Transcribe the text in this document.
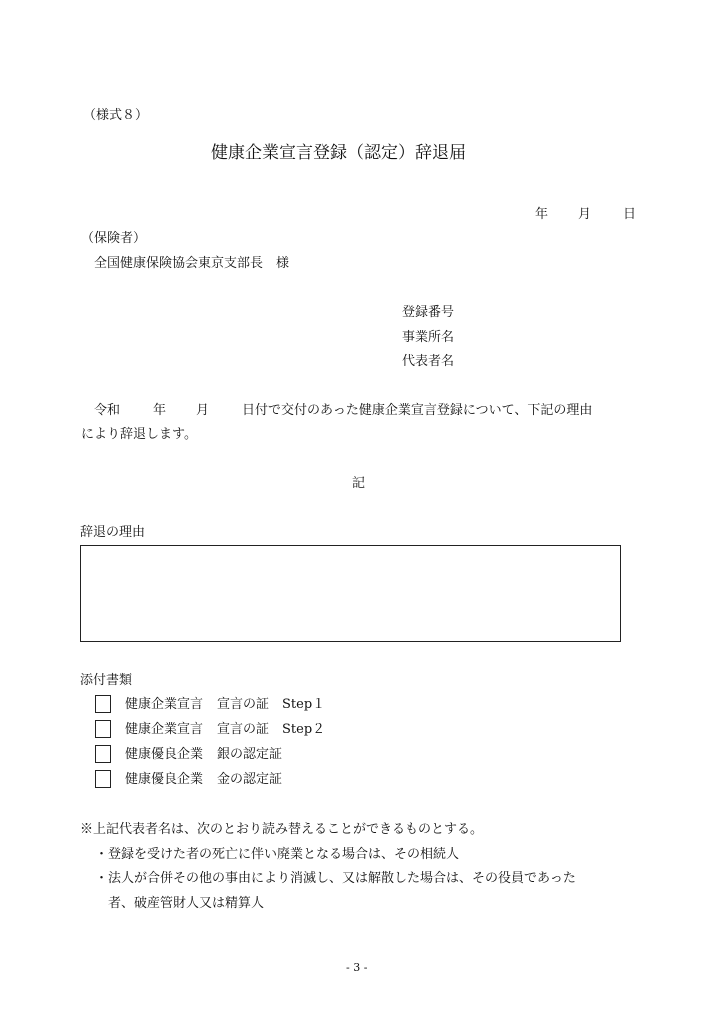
（様式８）
健康企業宣言登録（認定）辞退届
年 月 日
（保険者）
全国健康保険協会東京支部長　様
登録番号
事業所名
代表者名
令和	年 月	日付で交付のあった健康企業宣言登録について、下記の理由
により辞退します。
記
辞退の理由
添付書類
健康企業宣言 宣言の証　Step１
健康企業宣言 宣言の証　Step２
健康優良企業 銀の認定証
健康優良企業 金の認定証
※上記代表者名は、次のとおり読み替えることができるものとする。
・登録を受けた者の死亡に伴い廃業となる場合は、その相続人
・法人が合併その他の事由により消滅し、又は解散した場合は、その役員であった
者、破産管財人又は精算人
- 3 -
